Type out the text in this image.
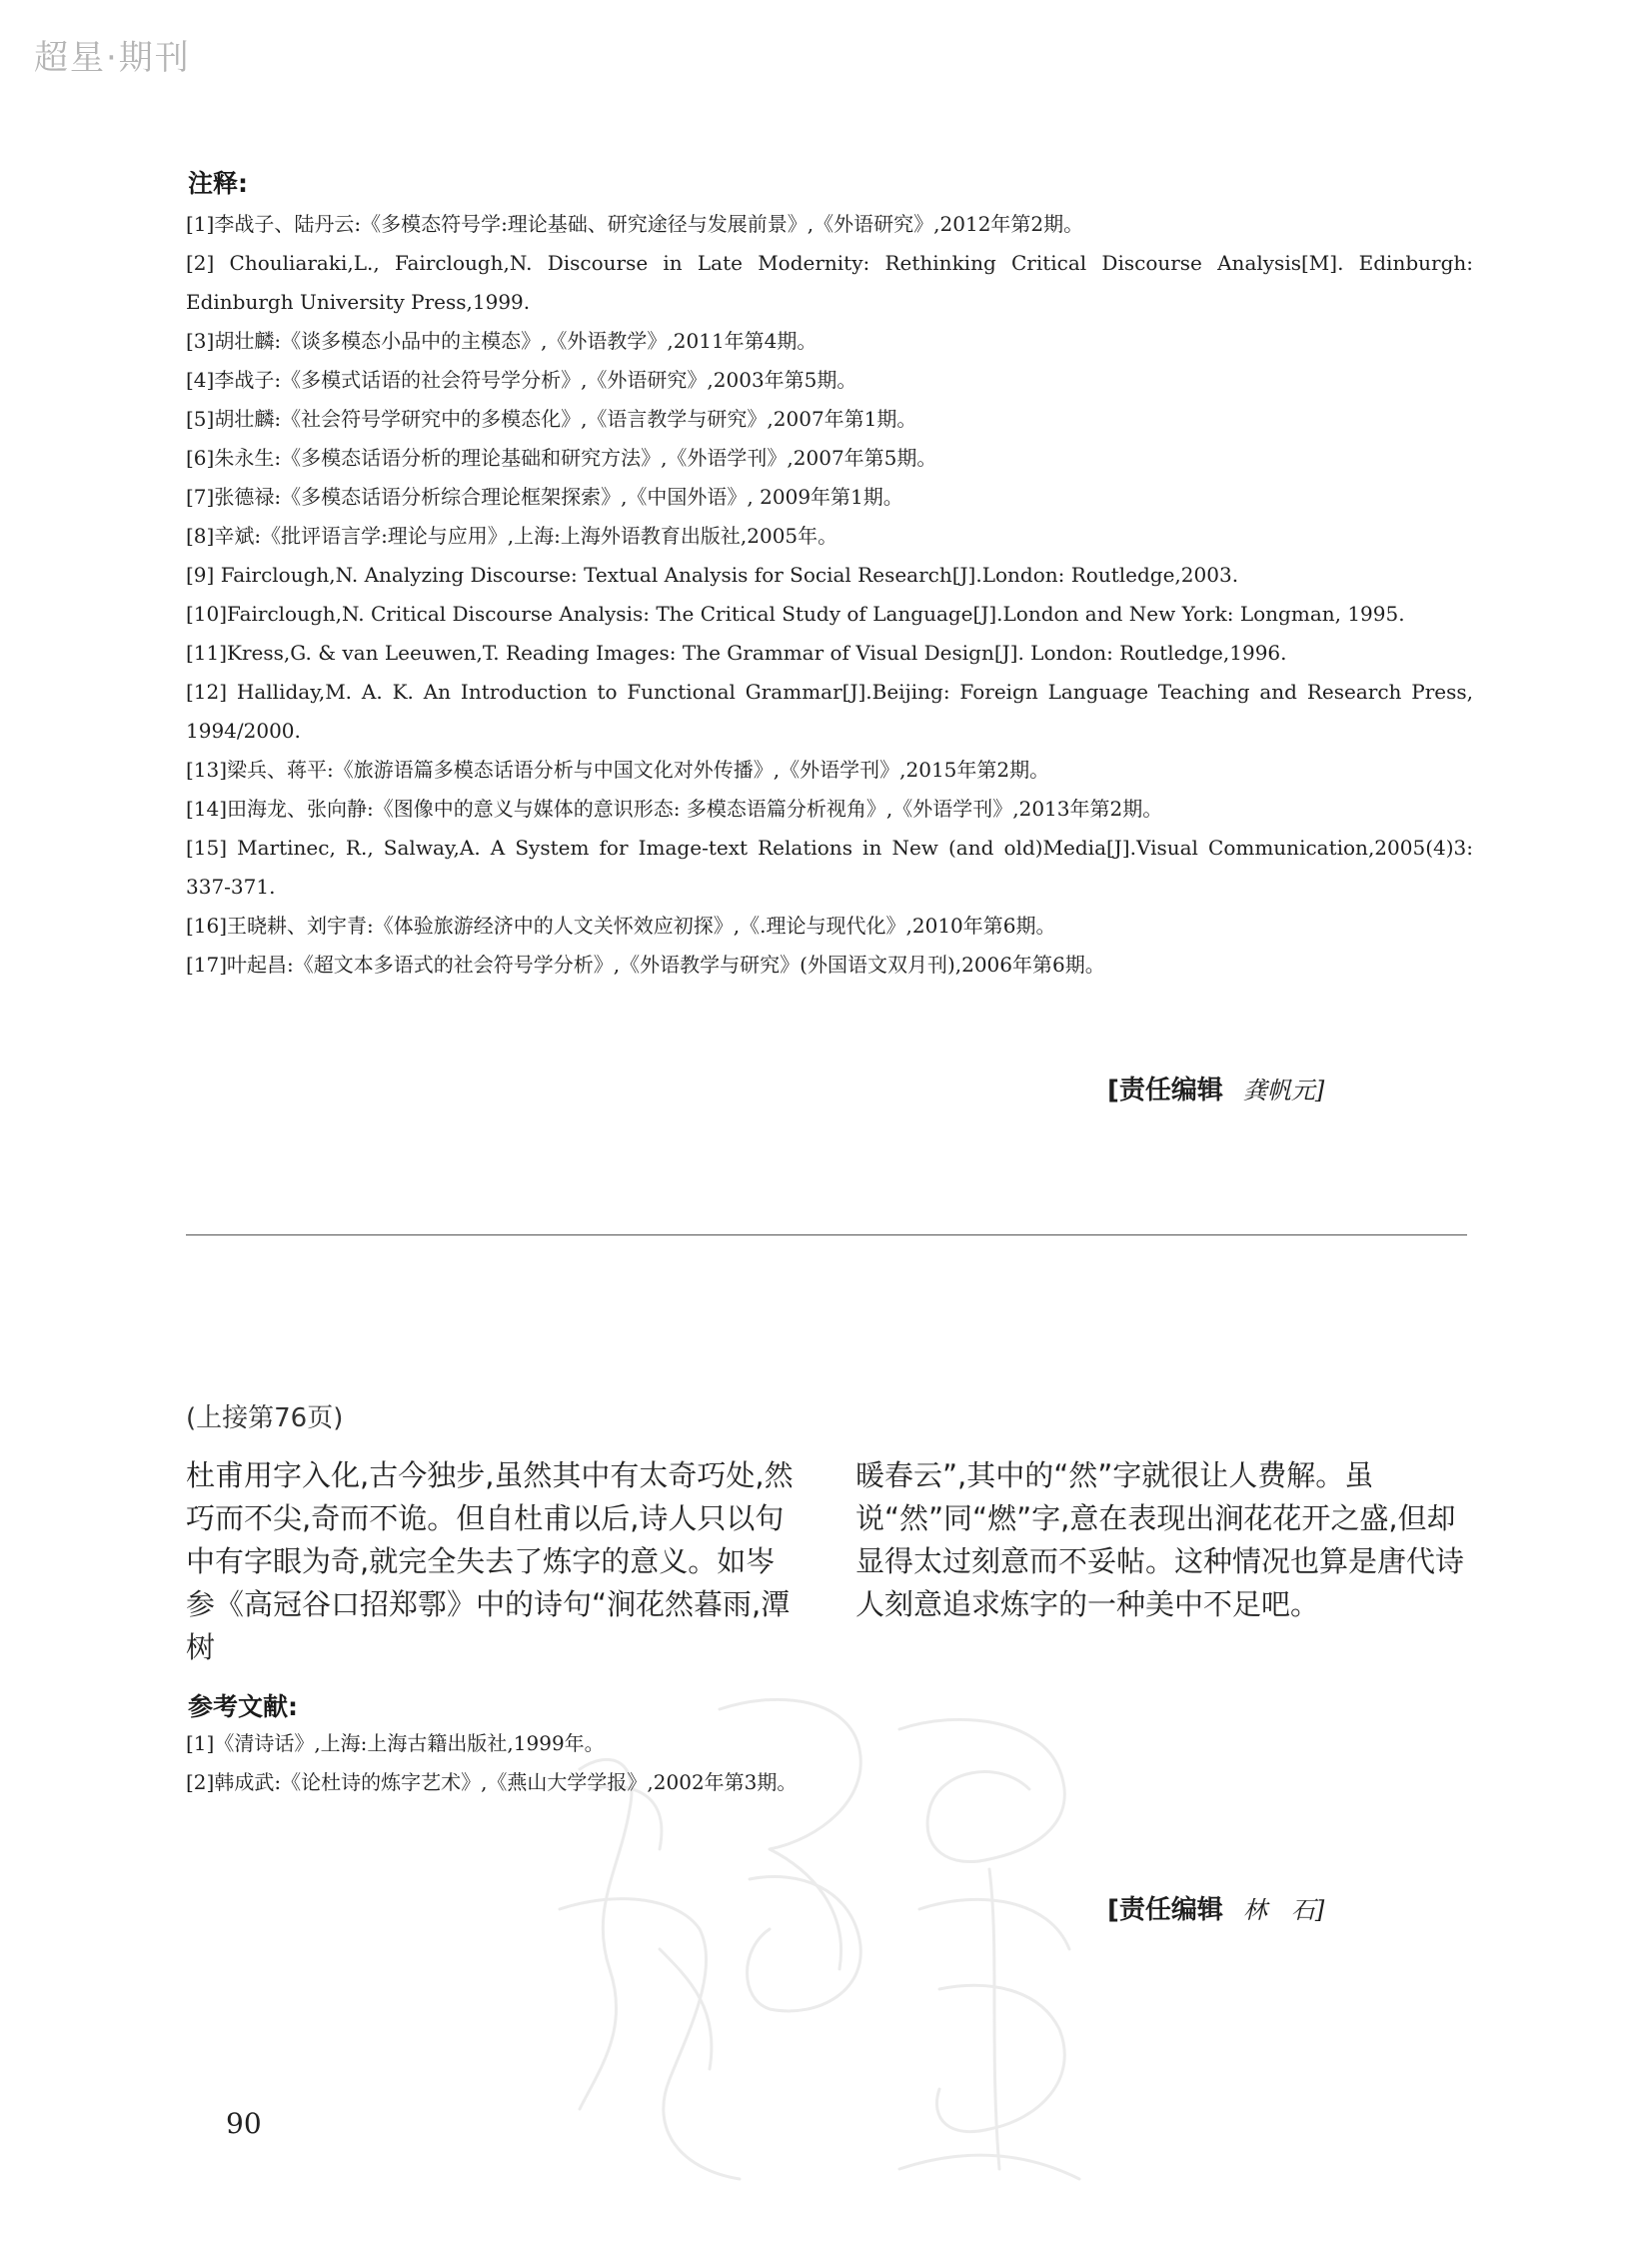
超星·期刊
注释:
[1]李战子、陆丹云:《多模态符号学:理论基础、研究途径与发展前景》,《外语研究》,2012年第2期。
[2] Chouliaraki,L., Fairclough,N. Discourse in Late Modernity: Rethinking Critical Discourse Analysis[M]. Edinburgh: Edinburgh University Press,1999.
[3]胡壮麟:《谈多模态小品中的主模态》,《外语教学》,2011年第4期。
[4]李战子:《多模式话语的社会符号学分析》,《外语研究》,2003年第5期。
[5]胡壮麟:《社会符号学研究中的多模态化》,《语言教学与研究》,2007年第1期。
[6]朱永生:《多模态话语分析的理论基础和研究方法》,《外语学刊》,2007年第5期。
[7]张德禄:《多模态话语分析综合理论框架探索》,《中国外语》, 2009年第1期。
[8]辛斌:《批评语言学:理论与应用》,上海:上海外语教育出版社,2005年。
[9] Fairclough,N. Analyzing Discourse: Textual Analysis for Social Research[J].London: Routledge,2003.
[10]Fairclough,N. Critical Discourse Analysis: The Critical Study of Language[J].London and New York: Longman, 1995.
[11]Kress,G. & van Leeuwen,T. Reading Images: The Grammar of Visual Design[J]. London: Routledge,1996.
[12] Halliday,M. A. K. An Introduction to Functional Grammar[J].Beijing: Foreign Language Teaching and Research Press, 1994/2000.
[13]梁兵、蒋平:《旅游语篇多模态话语分析与中国文化对外传播》,《外语学刊》,2015年第2期。
[14]田海龙、张向静:《图像中的意义与媒体的意识形态: 多模态语篇分析视角》,《外语学刊》,2013年第2期。
[15] Martinec, R., Salway,A. A System for Image-text Relations in New (and old)Media[J].Visual Communication,2005(4)3: 337-371.
[16]王晓耕、刘宇青:《体验旅游经济中的人文关怀效应初探》,《.理论与现代化》,2010年第6期。
[17]叶起昌:《超文本多语式的社会符号学分析》,《外语教学与研究》(外国语文双月刊),2006年第6期。
[责任编辑 龚帆元]
(上接第76页)
杜甫用字入化,古今独步,虽然其中有太奇巧处,然巧而不尖,奇而不诡。但自杜甫以后,诗人只以句中有字眼为奇,就完全失去了炼字的意义。如岑参《高冠谷口招郑鄠》中的诗句“涧花然暮雨,潭树
暖春云”,其中的“然”字就很让人费解。虽说“然”同“燃”字,意在表现出涧花花开之盛,但却显得太过刻意而不妥帖。这种情况也算是唐代诗人刻意追求炼字的一种美中不足吧。
参考文献:
[1]《清诗话》,上海:上海古籍出版社,1999年。
[2]韩成武:《论杜诗的炼字艺术》,《燕山大学学报》,2002年第3期。
[责任编辑 林　石]
90
